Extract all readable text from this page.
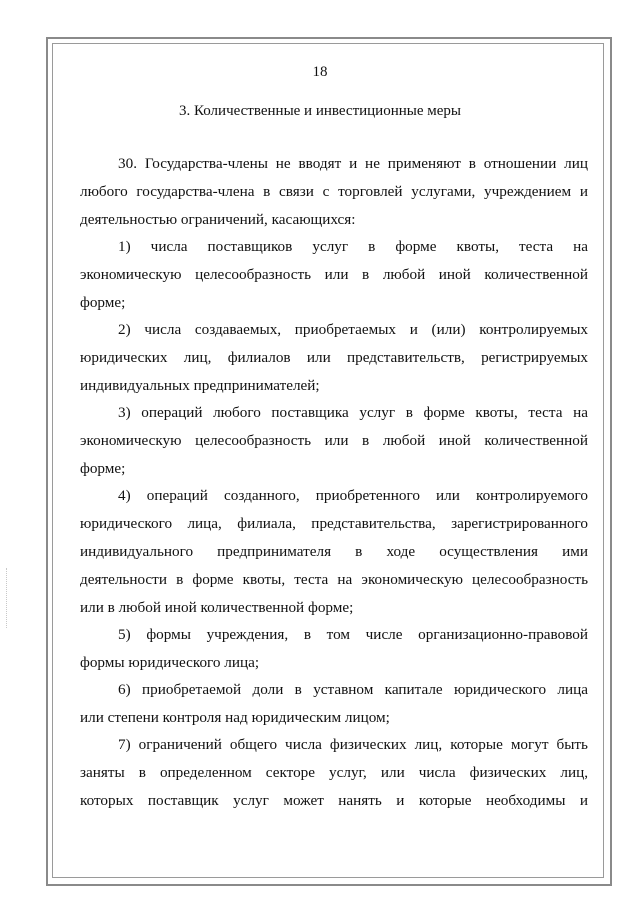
18
3. Количественные и инвестиционные меры
30. Государства-члены не вводят и не применяют в отношении лиц
любого государства-члена в связи с торговлей услугами, учреждением и
деятельностью ограничений, касающихся:
1) числа поставщиков услуг в форме квоты, теста на
экономическую целесообразность или в любой иной количественной
форме;
2) числа создаваемых, приобретаемых и (или) контролируемых
юридических лиц, филиалов или представительств, регистрируемых
индивидуальных предпринимателей;
3) операций любого поставщика услуг в форме квоты, теста на
экономическую целесообразность или в любой иной количественной
форме;
4) операций созданного, приобретенного или контролируемого
юридического лица, филиала, представительства, зарегистрированного
индивидуального предпринимателя в ходе осуществления ими
деятельности в форме квоты, теста на экономическую целесообразность
или в любой иной количественной форме;
5) формы учреждения, в том числе организационно-правовой
формы юридического лица;
6) приобретаемой доли в уставном капитале юридического лица
или степени контроля над юридическим лицом;
7) ограничений общего числа физических лиц, которые могут быть
заняты в определенном секторе услуг, или числа физических лиц,
которых поставщик услуг может нанять и которые необходимы и
